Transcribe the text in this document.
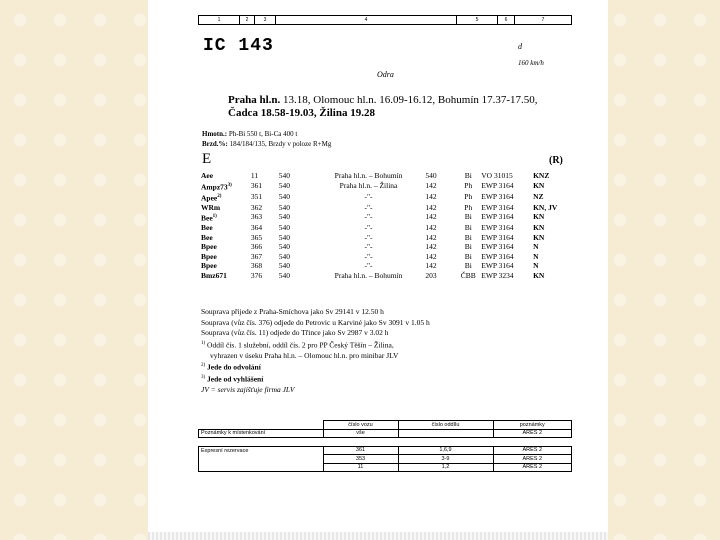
1	2	3	4	5	6	7
IC 143	d
160 km/h
Odra
Praha hl.n. 13.18, Olomouc hl.n. 16.09-16.12, Bohumín 17.37-17.50,
Čadca 18.58-19.03, Žilina 19.28
Hmotn.: Ph-Bi 550 t, Bi-Ca 400 t
Brzd.%: 184/184/135, Brzdy v poloze R+Mg
E	(R)
Aee	11	540	Praha hl.n. – Bohumín	540	Bi	VO 31015	KNZ
Ampz73$^{3)}$	361	540	Praha hl.n. – Žilina	142	Ph	EWP 3164	KN
Apee$^{2)}$	351	540	-"-	142	Ph	EWP 3164	NZ
WRm	362	540	-"-	142	Ph	EWP 3164	KN, JV
Bee$^{1)}$	363	540	-"-	142	Bi	EWP 3164	KN
Bee	364	540	-"-	142	Bi	EWP 3164	KN
Bee	365	540	-"-	142	Bi	EWP 3164	KN
Bpee	366	540	-"-	142	Bi	EWP 3164	N
Bpee	367	540	-"-	142	Bi	EWP 3164	N
Bpee	368	540	-"-	142	Bi	EWP 3164	N
Bmz671	376	540	Praha hl.n. – Bohumín	203	ČBB EWP 3234	KN
Souprava přijede z Praha-Smíchova jako Sv 29141 v 12.50 h
Souprava (vůz čís. 376) odjede do Petrovic u Karviné jako Sv 3091 v 1.05 h
Souprava (vůz čís. 11) odjede do Třince jako Sv 2987 v 3.02 h
$^{1)}$ Oddíl čís. 1 služební, oddíl čís. 2 pro PP Český Těšín – Žilina,
vyhrazen v úseku Praha hl.n. – Olomouc hl.n. pro minibar JLV
$^{2)}$ Jede do odvolání
$^{3)}$ Jede od vyhlášení
JV = servis zajišťuje firma JLV
	číslo vozu	číslo oddílu	poznámky
Poznámky k místenkování	vše		ARES 2

Expresní rezervace	361	1,6,9	ARES 2
	353	3-9	ARES 2
	11	1,2	ARES 2
